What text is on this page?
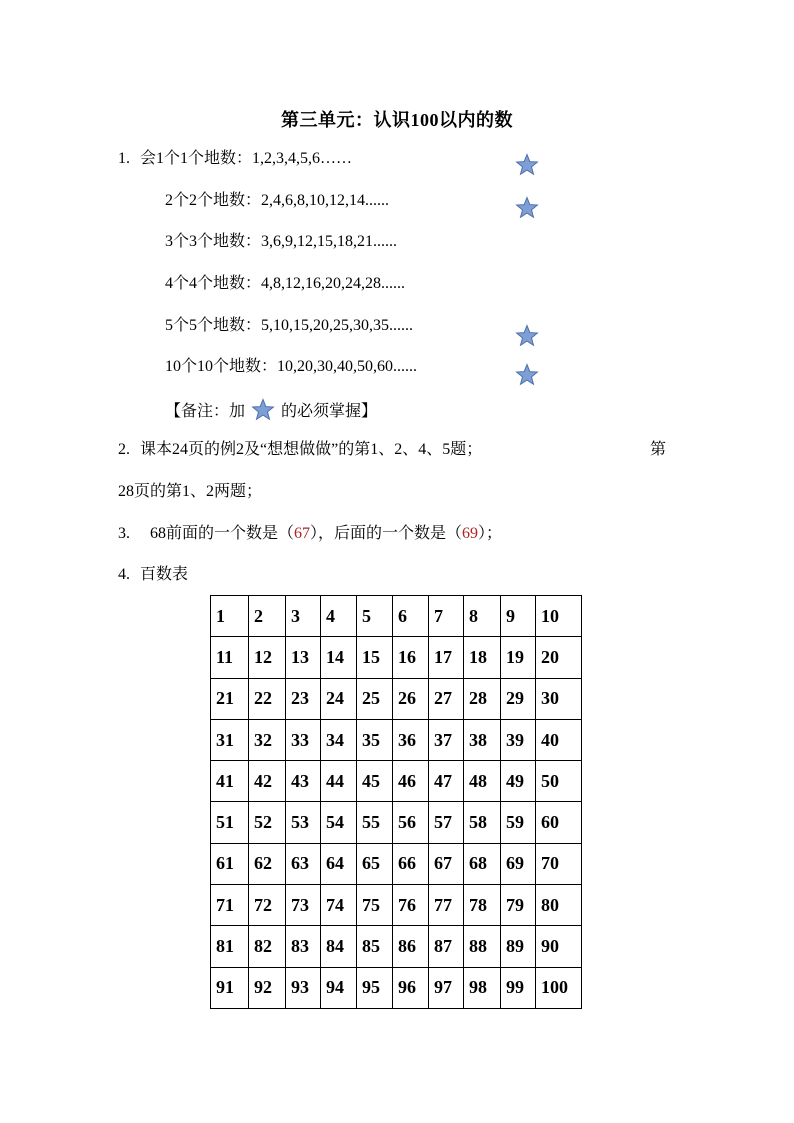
第三单元：认识100以内的数
1. 会1个1个地数：1,2,3,4,5,6……
2个2个地数：2,4,6,8,10,12,14......
3个3个地数：3,6,9,12,15,18,21......
4个4个地数：4,8,12,16,20,24,28......
5个5个地数：5,10,15,20,25,30,35......
10个10个地数：10,20,30,40,50,60......
【备注：加 的必须掌握】
2. 课本24页的例2及“想想做做”的第1、2、4、5题；	第
28页的第1、2两题；
3. 68前面的一个数是（67），后面的一个数是（69）；
4. 百数表
1	2	3	4	5	6	7	8	9	10
11	12	13	14	15	16	17	18	19	20
21	22	23	24	25	26	27	28	29	30
31	32	33	34	35	36	37	38	39	40
41	42	43	44	45	46	47	48	49	50
51	52	53	54	55	56	57	58	59	60
61	62	63	64	65	66	67	68	69	70
71	72	73	74	75	76	77	78	79	80
81	82	83	84	85	86	87	88	89	90
91	92	93	94	95	96	97	98	99	100
